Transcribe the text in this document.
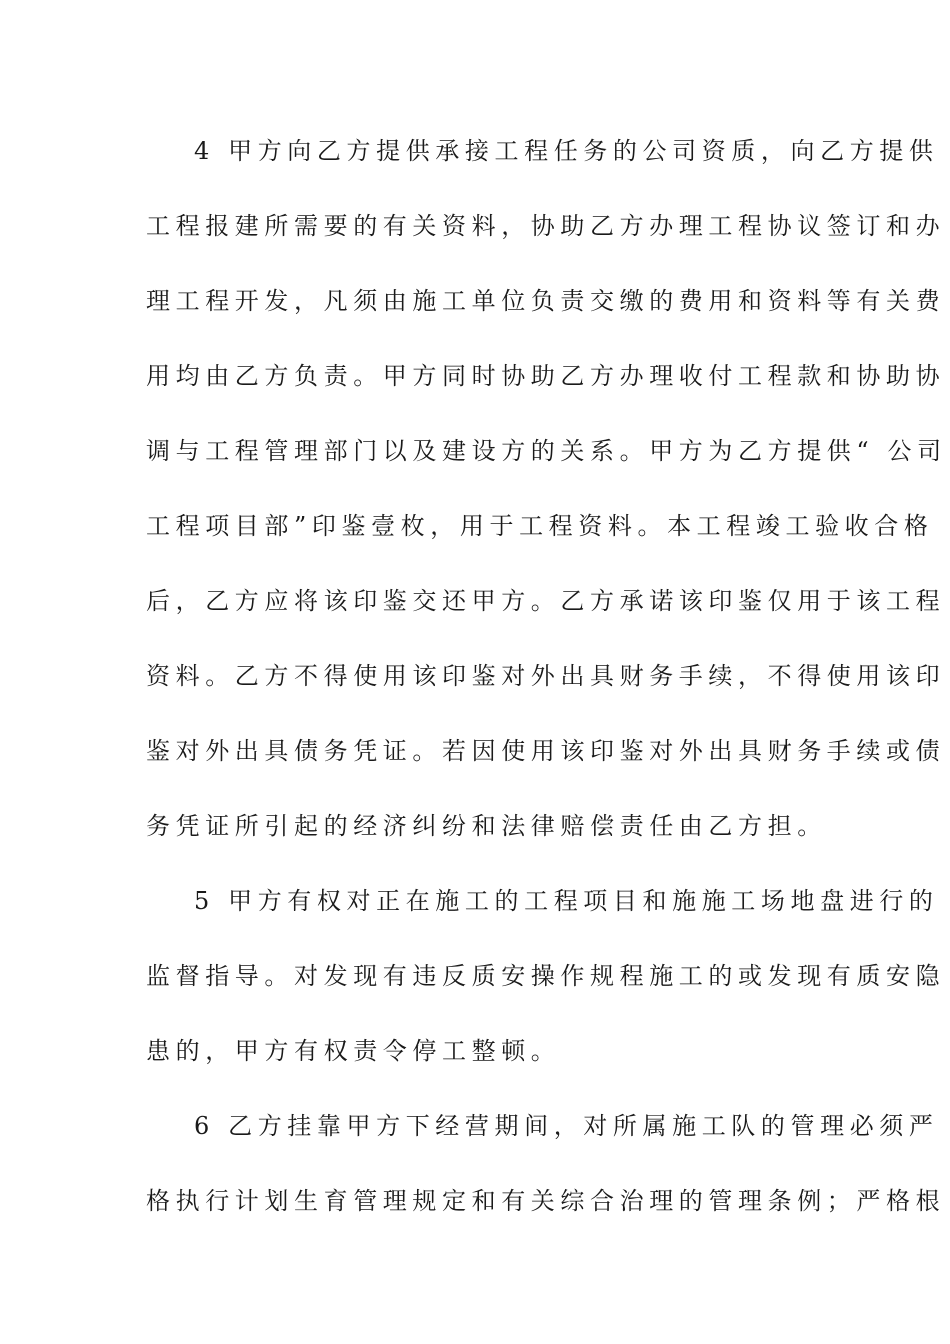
4 甲方向乙方提供承接工程任务的公司资质，向乙方提供
工程报建所需要的有关资料，协助乙方办理工程协议签订和办
理工程开发，凡须由施工单位负责交缴的费用和资料等有关费
用均由乙方负责。甲方同时协助乙方办理收付工程款和协助协
调与工程管理部门以及建设方的关系。甲方为乙方提供“ 公司
工程项目部”印鉴壹枚，用于工程资料。本工程竣工验收合格
后，乙方应将该印鉴交还甲方。乙方承诺该印鉴仅用于该工程
资料。乙方不得使用该印鉴对外出具财务手续，不得使用该印
鉴对外出具债务凭证。若因使用该印鉴对外出具财务手续或债
务凭证所引起的经济纠纷和法律赔偿责任由乙方担。
5 甲方有权对正在施工的工程项目和施施工场地盘进行的
监督指导。对发现有违反质安操作规程施工的或发现有质安隐
患的，甲方有权责令停工整顿。
6 乙方挂靠甲方下经营期间，对所属施工队的管理必须严
格执行计划生育管理规定和有关综合治理的管理条例；严格根
